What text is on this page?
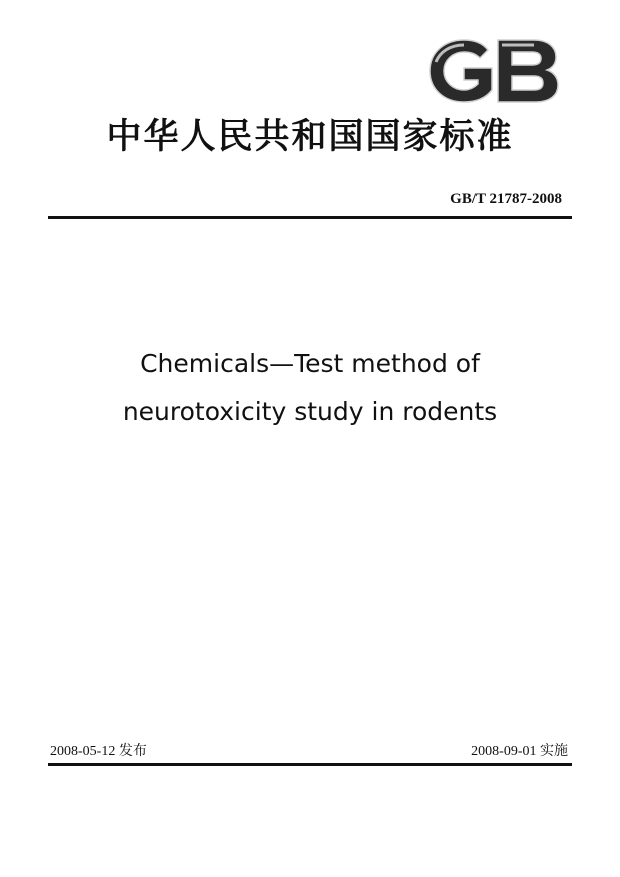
中华人民共和国国家标准
GB/T 21787-2008
Chemicals—Test method of
neurotoxicity study in rodents
2008-05-12 发布	2008-09-01 实施
